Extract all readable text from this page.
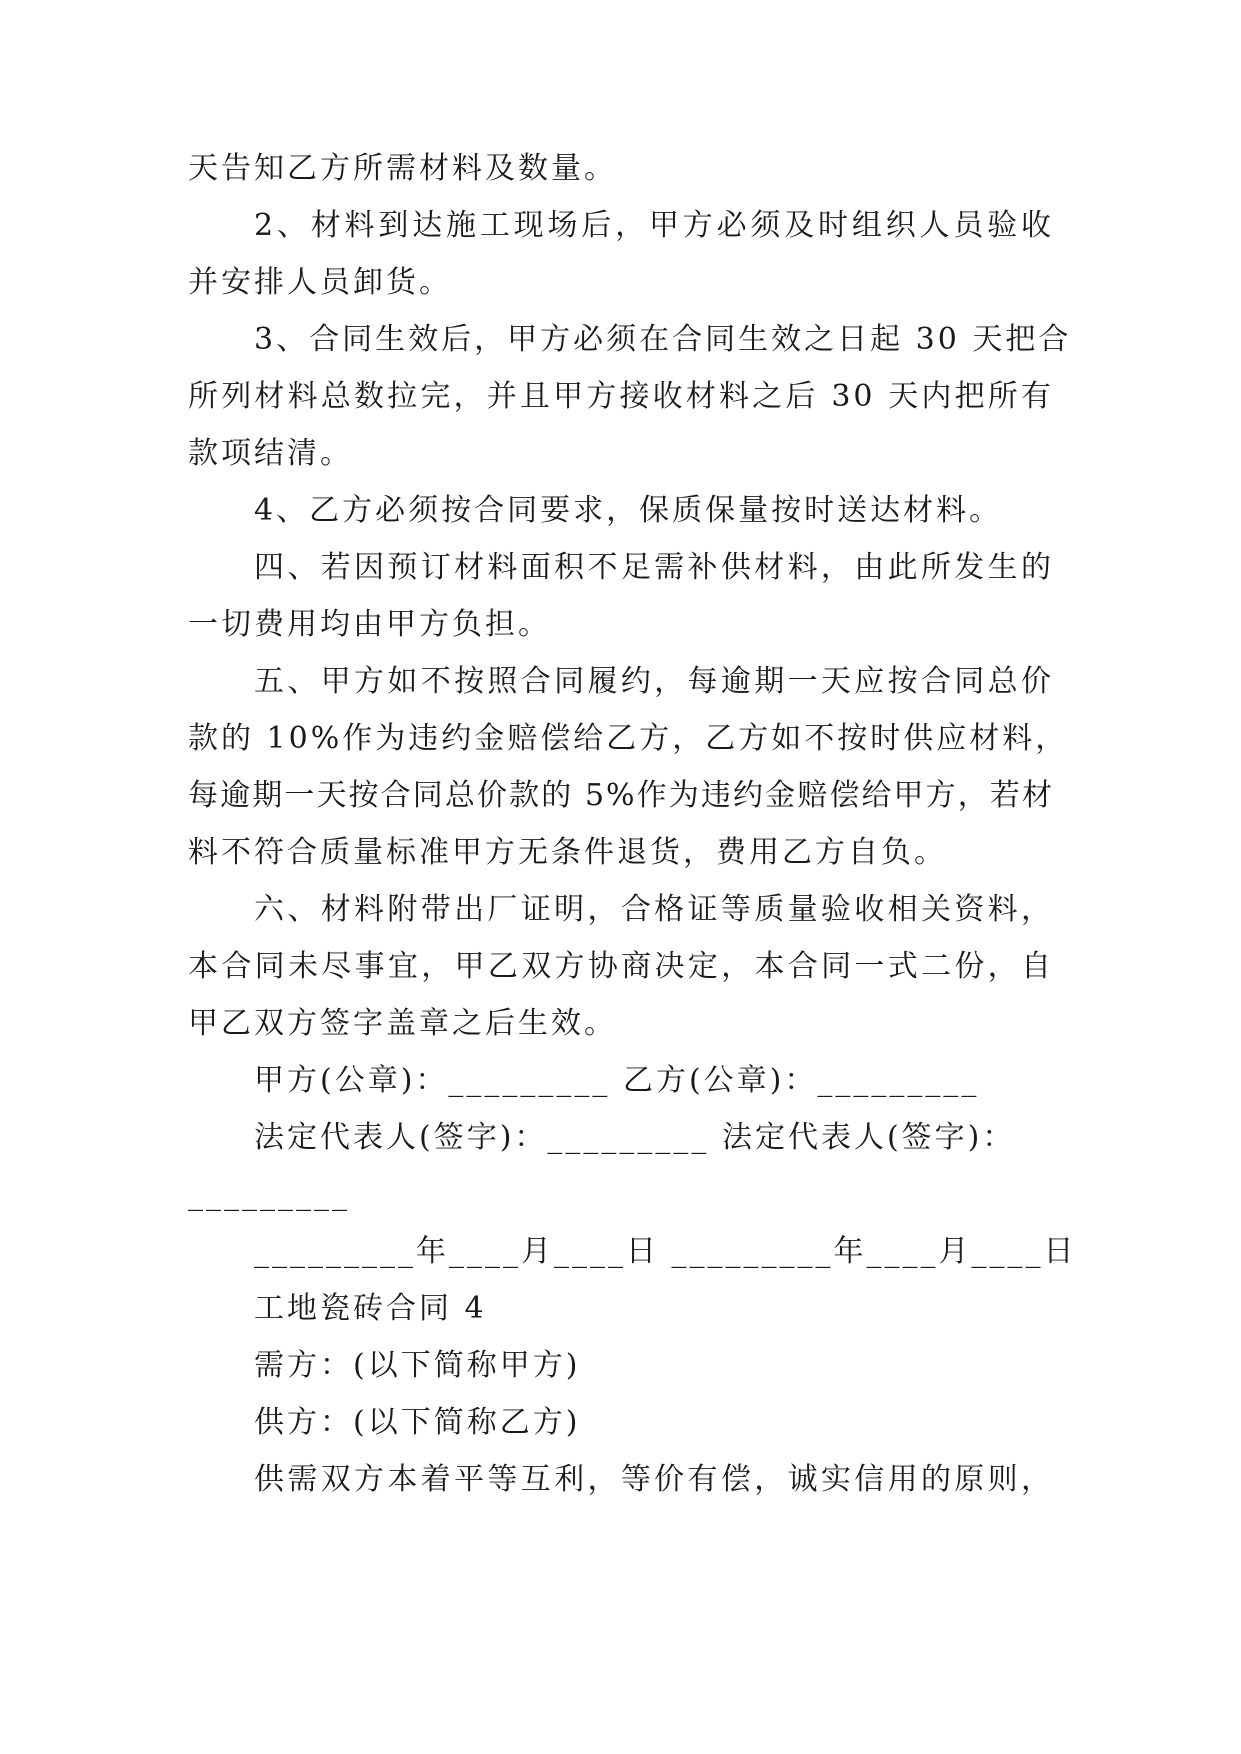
天告知乙方所需材料及数量。

2、材料到达施工现场后，甲方必须及时组织人员验收

并安排人员卸货。

3、合同生效后，甲方必须在合同生效之日起 30 天把合

所列材料总数拉完，并且甲方接收材料之后 30 天内把所有

款项结清。

4、乙方必须按合同要求，保质保量按时送达材料。

四、若因预订材料面积不足需补供材料，由此所发生的

一切费用均由甲方负担。

五、甲方如不按照合同履约，每逾期一天应按合同总价

款的 10%作为违约金赔偿给乙方，乙方如不按时供应材料，

每逾期一天按合同总价款的 5%作为违约金赔偿给甲方，若材

料不符合质量标准甲方无条件退货，费用乙方自负。

六、材料附带出厂证明，合格证等质量验收相关资料，

本合同未尽事宜，甲乙双方协商决定，本合同一式二份，自

甲乙双方签字盖章之后生效。

甲方(公章)：_________ 乙方(公章)：_________

法定代表人(签字)：_________ 法定代表人(签字)：

_________

_________年____月____日 _________年____月____日

工地瓷砖合同 4

需方：(以下简称甲方)

供方：(以下简称乙方)

供需双方本着平等互利，等价有偿，诚实信用的原则，
